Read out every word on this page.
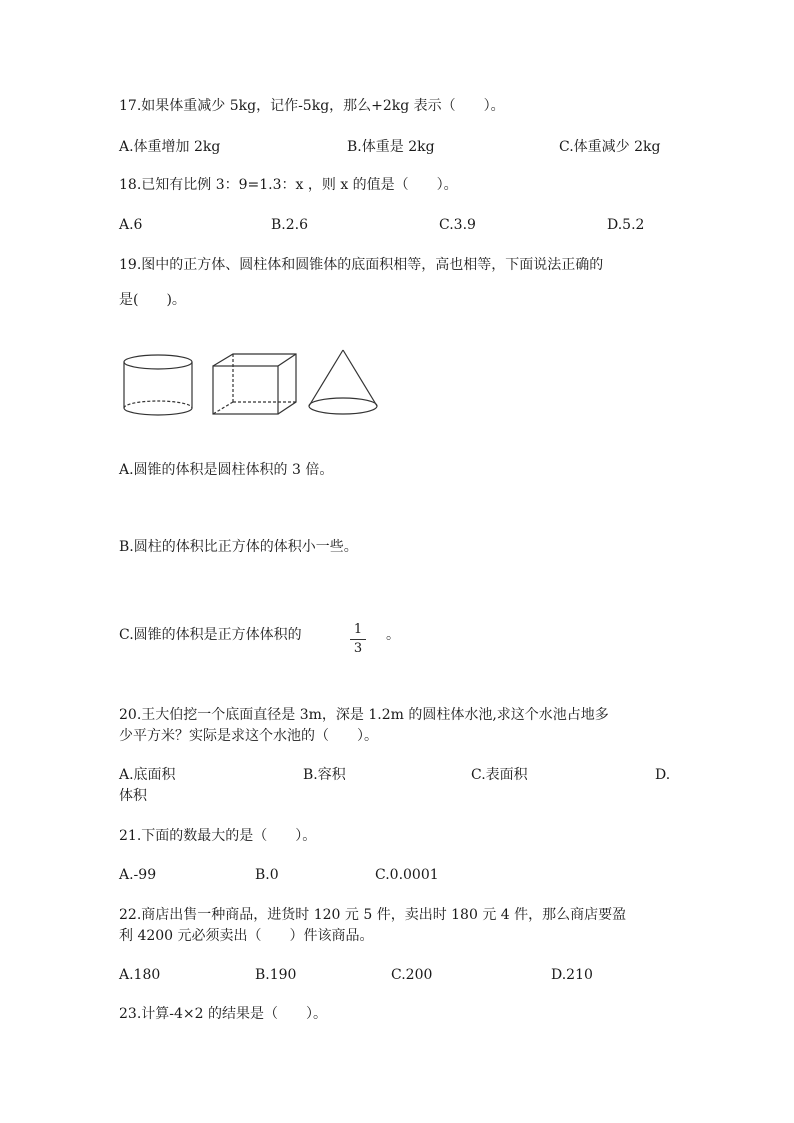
17.如果体重减少 5kg，记作-5kg，那么+2kg 表示（　　）。
A.体重增加 2kg	B.体重是 2kg	C.体重减少 2kg
18.已知有比例 3：9=1.3：x ，则 x 的值是（　　）。
A.6	B.2.6	C.3.9	D.5.2
19.图中的正方体、圆柱体和圆锥体的底面积相等，高也相等，下面说法正确的
是(　　)。
A.圆锥的体积是圆柱体积的 3 倍。
B.圆柱的体积比正方体的体积小一些。
C.圆锥的体积是正方体体积的	1
3
。
20.王大伯挖一个底面直径是 3m，深是 1.2m 的圆柱体水池,求这个水池占地多
少平方米？实际是求这个水池的（　　）。
A.底面积	B.容积	C.表面积	D.
体积
21.下面的数最大的是（　　）。
A.-99	B.0	C.0.0001
22.商店出售一种商品，进货时 120 元 5 件，卖出时 180 元 4 件，那么商店要盈
利 4200 元必须卖出（　　）件该商品。
A.180	B.190	C.200	D.210
23.计算-4×2 的结果是（　　）。
